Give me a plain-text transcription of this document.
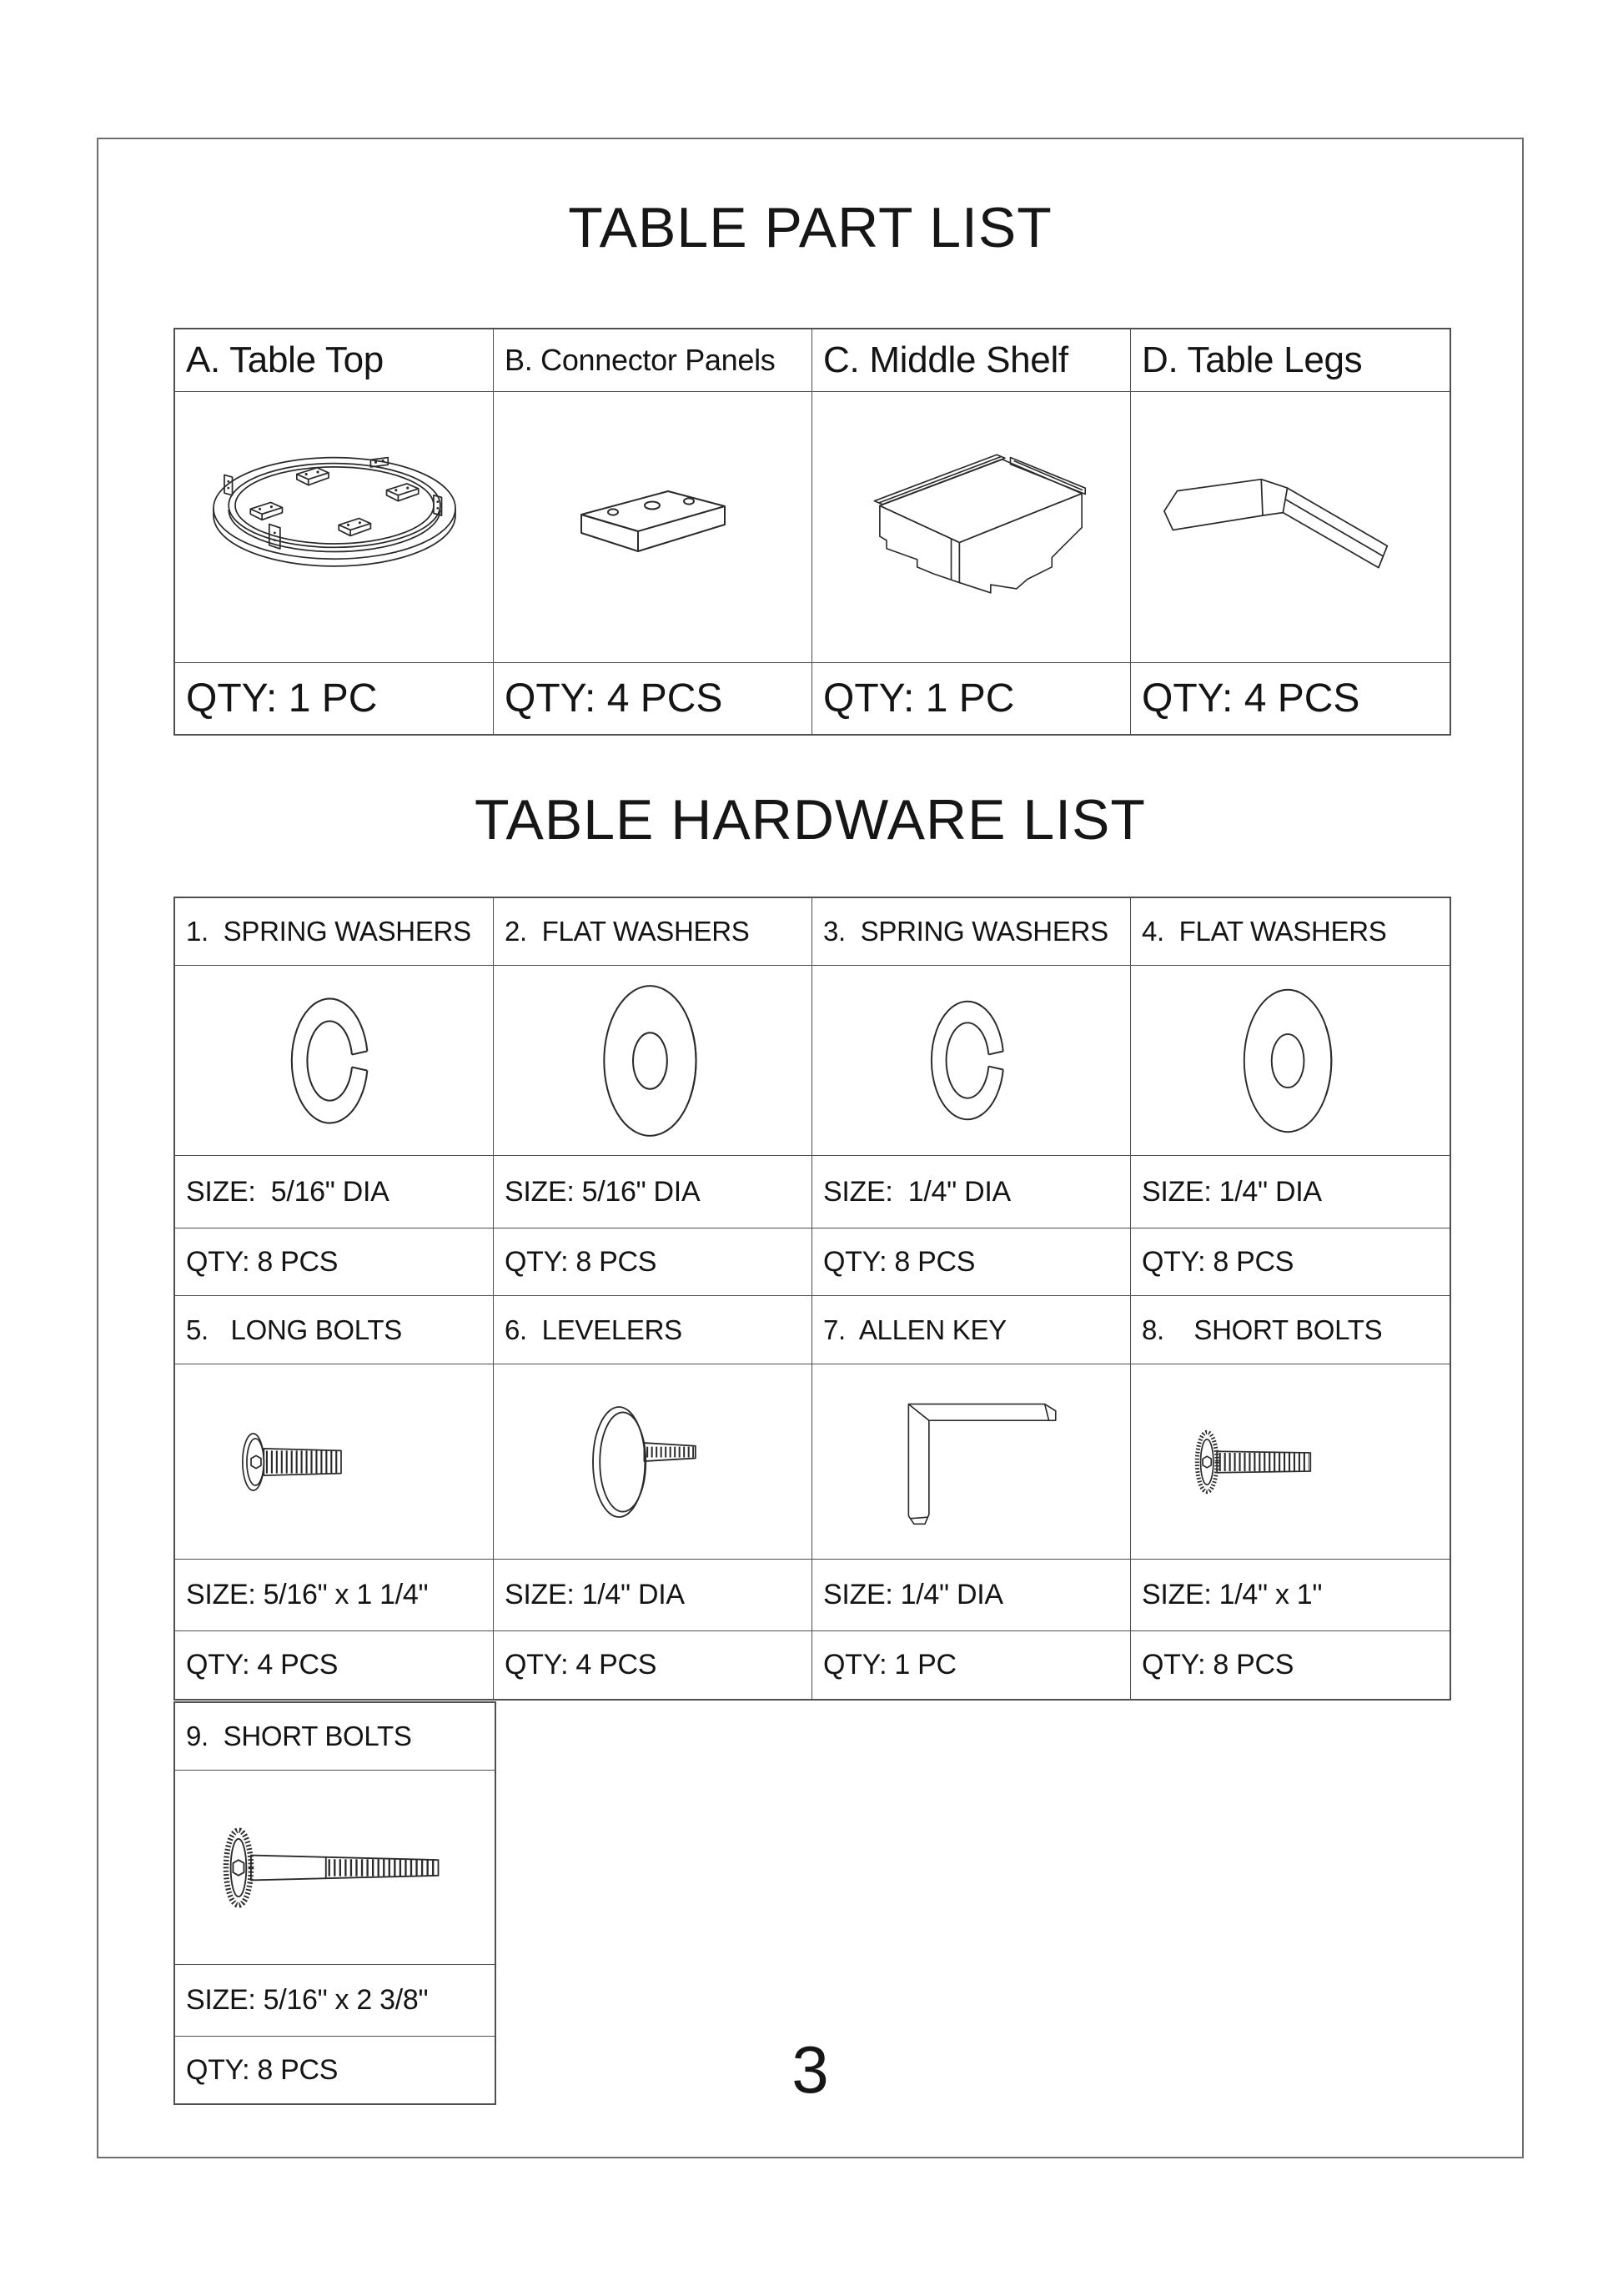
TABLE PART LIST
A. Table Top	B. Connector Panels	C. Middle Shelf	D. Table Legs
QTY: 1 PC	QTY: 4 PCS	QTY: 1 PC	QTY: 4 PCS
TABLE HARDWARE LIST
1.  SPRING WASHERS	2.  FLAT WASHERS	3.  SPRING WASHERS	4.  FLAT WASHERS
SIZE:  5/16" DIA	SIZE: 5/16" DIA	SIZE:  1/4" DIA	SIZE: 1/4" DIA
QTY: 8 PCS	QTY: 8 PCS	QTY: 8 PCS	QTY: 8 PCS
5.   LONG BOLTS	6.  LEVELERS	7.  ALLEN KEY	8.    SHORT BOLTS
SIZE: 5/16" x 1 1/4"	SIZE: 1/4" DIA	SIZE: 1/4" DIA	SIZE: 1/4" x 1"
QTY: 4 PCS	QTY: 4 PCS	QTY: 1 PC	QTY: 8 PCS
9.  SHORT BOLTS
SIZE: 5/16" x 2 3/8"
QTY: 8 PCS	3
